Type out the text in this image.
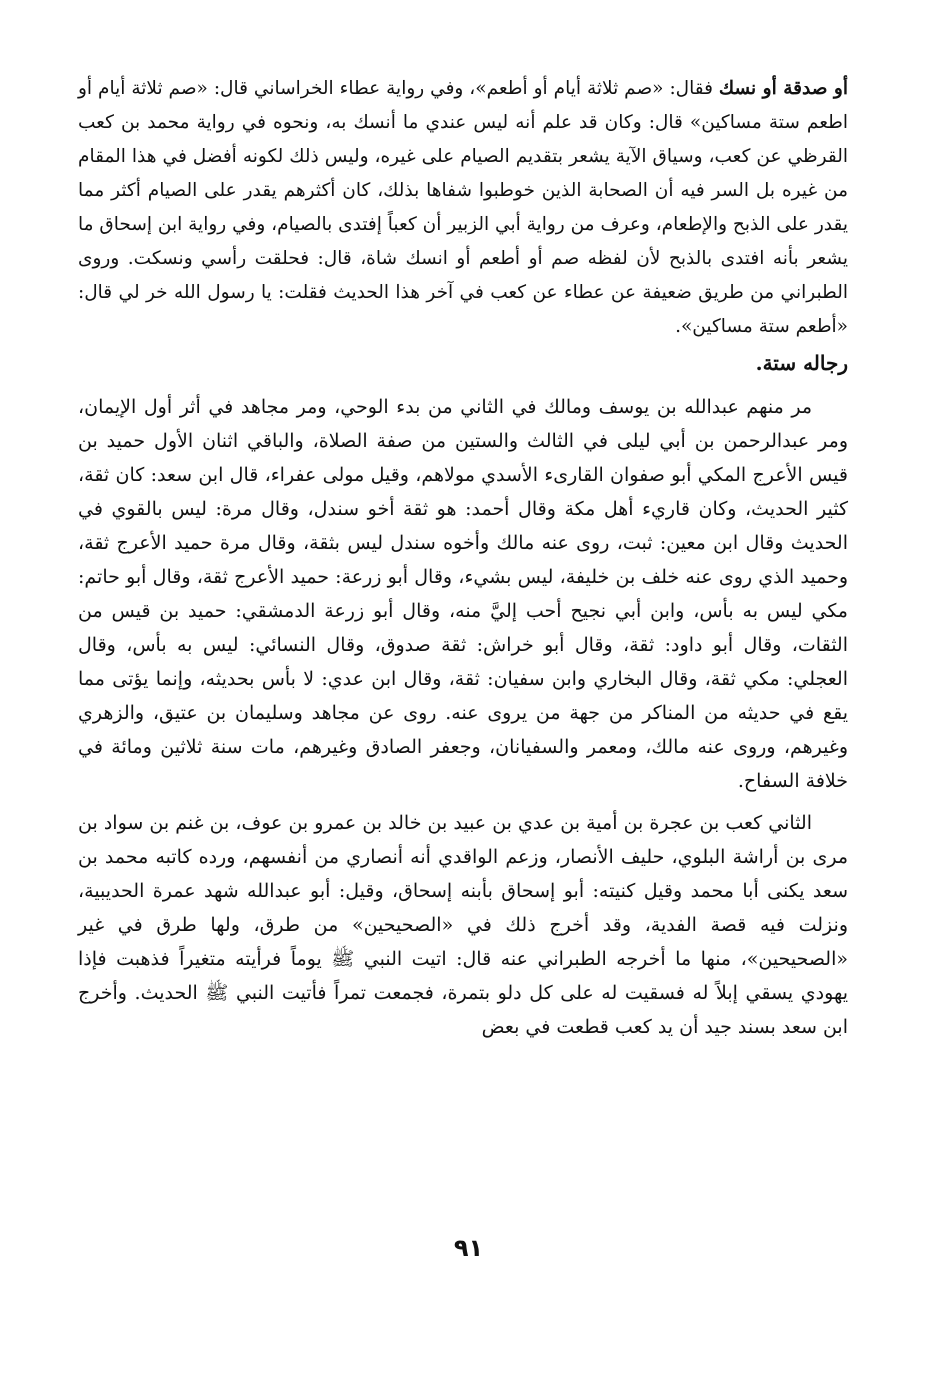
أو صدقة أو نسك فقال: «صم ثلاثة أيام أو أطعم»، وفي رواية عطاء الخراساني قال: «صم ثلاثة أيام أو اطعم ستة مساكين» قال: وكان قد علم أنه ليس عندي ما أنسك به، ونحوه في رواية محمد بن كعب القرظي عن كعب، وسياق الآية يشعر بتقديم الصيام على غيره، وليس ذلك لكونه أفضل في هذا المقام من غيره بل السر فيه أن الصحابة الذين خوطبوا شفاها بذلك، كان أكثرهم يقدر على الصيام أكثر مما يقدر على الذبح والإطعام، وعرف من رواية أبي الزبير أن كعباً إفتدى بالصيام، وفي رواية ابن إسحاق ما يشعر بأنه افتدى بالذبح لأن لفظه صم أو أطعم أو انسك شاة، قال: فحلقت رأسي ونسكت. وروى الطبراني من طريق ضعيفة عن عطاء عن كعب في آخر هذا الحديث فقلت: يا رسول الله خر لي قال: «أطعم ستة مساكين».

رجاله ستة.

مر منهم عبدالله بن يوسف ومالك في الثاني من بدء الوحي، ومر مجاهد في أثر أول الإيمان، ومر عبدالرحمن بن أبي ليلى في الثالث والستين من صفة الصلاة، والباقي اثنان الأول حميد بن قيس الأعرج المكي أبو صفوان القارىء الأسدي مولاهم، وقيل مولى عفراء، قال ابن سعد: كان ثقة، كثير الحديث، وكان قاريء أهل مكة وقال أحمد: هو ثقة أخو سندل، وقال مرة: ليس بالقوي في الحديث وقال ابن معين: ثبت، روى عنه مالك وأخوه سندل ليس بثقة، وقال مرة حميد الأعرج ثقة، وحميد الذي روى عنه خلف بن خليفة، ليس بشيء، وقال أبو زرعة: حميد الأعرج ثقة، وقال أبو حاتم: مكي ليس به بأس، وابن أبي نجيح أحب إليَّ منه، وقال أبو زرعة الدمشقي: حميد بن قيس من الثقات، وقال أبو داود: ثقة، وقال أبو خراش: ثقة صدوق، وقال النسائي: ليس به بأس، وقال العجلي: مكي ثقة، وقال البخاري وابن سفيان: ثقة، وقال ابن عدي: لا بأس بحديثه، وإنما يؤتى مما يقع في حديثه من المناكر من جهة من يروى عنه. روى عن مجاهد وسليمان بن عتيق، والزهري وغيرهم، وروى عنه مالك، ومعمر والسفيانان، وجعفر الصادق وغيرهم، مات سنة ثلاثين ومائة في خلافة السفاح.

الثاني كعب بن عجرة بن أمية بن عدي بن عبيد بن خالد بن عمرو بن عوف، بن غنم بن سواد بن مرى بن أراشة البلوي، حليف الأنصار، وزعم الواقدي أنه أنصاري من أنفسهم، ورده كاتبه محمد بن سعد يكنى أبا محمد وقيل كنيته: أبو إسحاق بأبنه إسحاق، وقيل: أبو عبدالله شهد عمرة الحديبية، ونزلت فيه قصة الفدية، وقد أخرج ذلك في «الصحيحين» من طرق، ولها طرق في غير «الصحيحين»، منها ما أخرجه الطبراني عنه قال: اتيت النبي ﷺ يوماً فرأيته متغيراً فذهبت فإذا يهودي يسقي إبلاً له فسقيت له على كل دلو بتمرة، فجمعت تمراً فأتيت النبي ﷺ الحديث. وأخرج ابن سعد بسند جيد أن يد كعب قطعت في بعض

٩١
